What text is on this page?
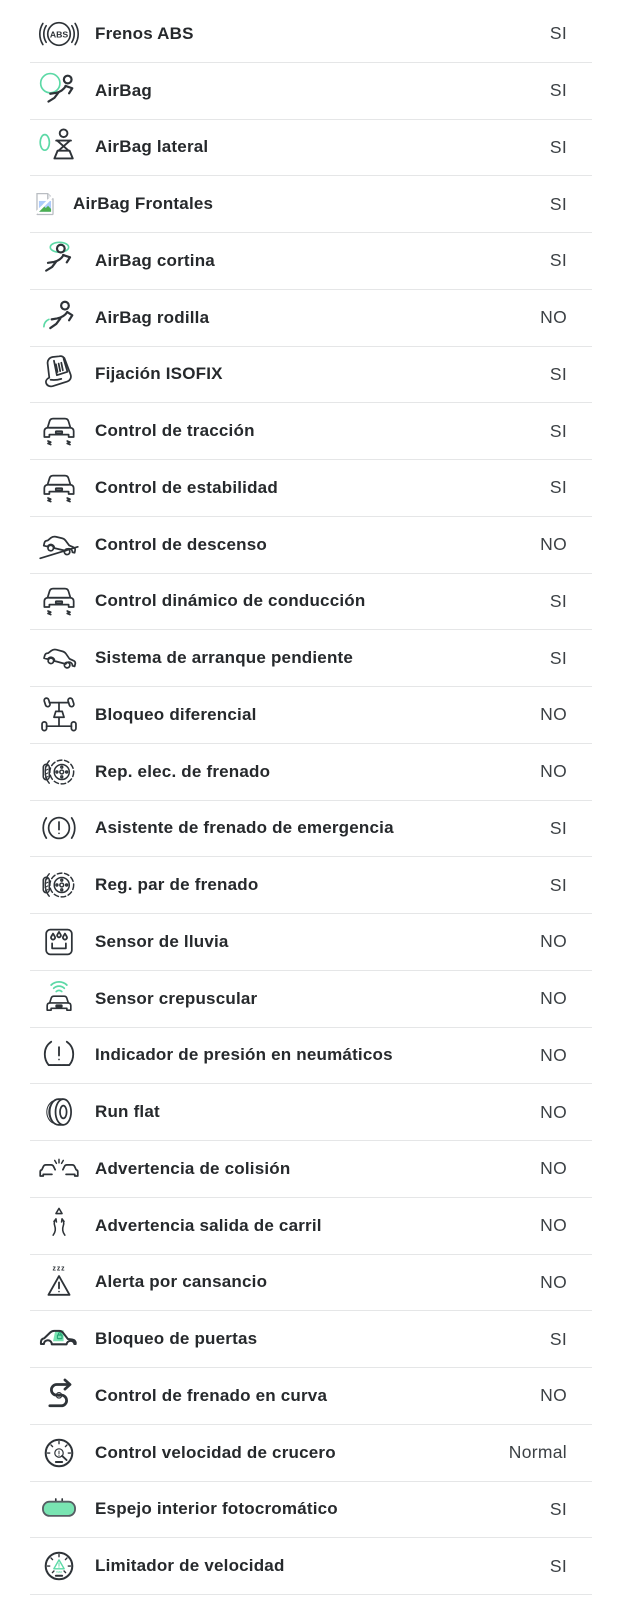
ABS Frenos ABS	SI
AirBag	SI
AirBag lateral	SI
AirBag Frontales	SI
AirBag cortina	SI
AirBag rodilla	NO
Fijación ISOFIX	SI
Control de tracción	SI
Control de estabilidad	SI
Control de descenso	NO
Control dinámico de conducción	SI
Sistema de arranque pendiente	SI
Bloqueo diferencial	NO
Rep. elec. de frenado	NO
Asistente de frenado de emergencia	SI
Reg. par de frenado	SI
Sensor de lluvia	NO
Sensor crepuscular	NO
Indicador de presión en neumáticos	NO
Run flat	NO
Advertencia de colisión	NO
Advertencia salida de carril	NO
zzz
Alerta por cansancio	NO
Bloqueo de puertas	SI
Control de frenado en curva	NO
Control velocidad de crucero	Normal
Espejo interior fotocromático	SI
max Limitador de velocidad	SI
